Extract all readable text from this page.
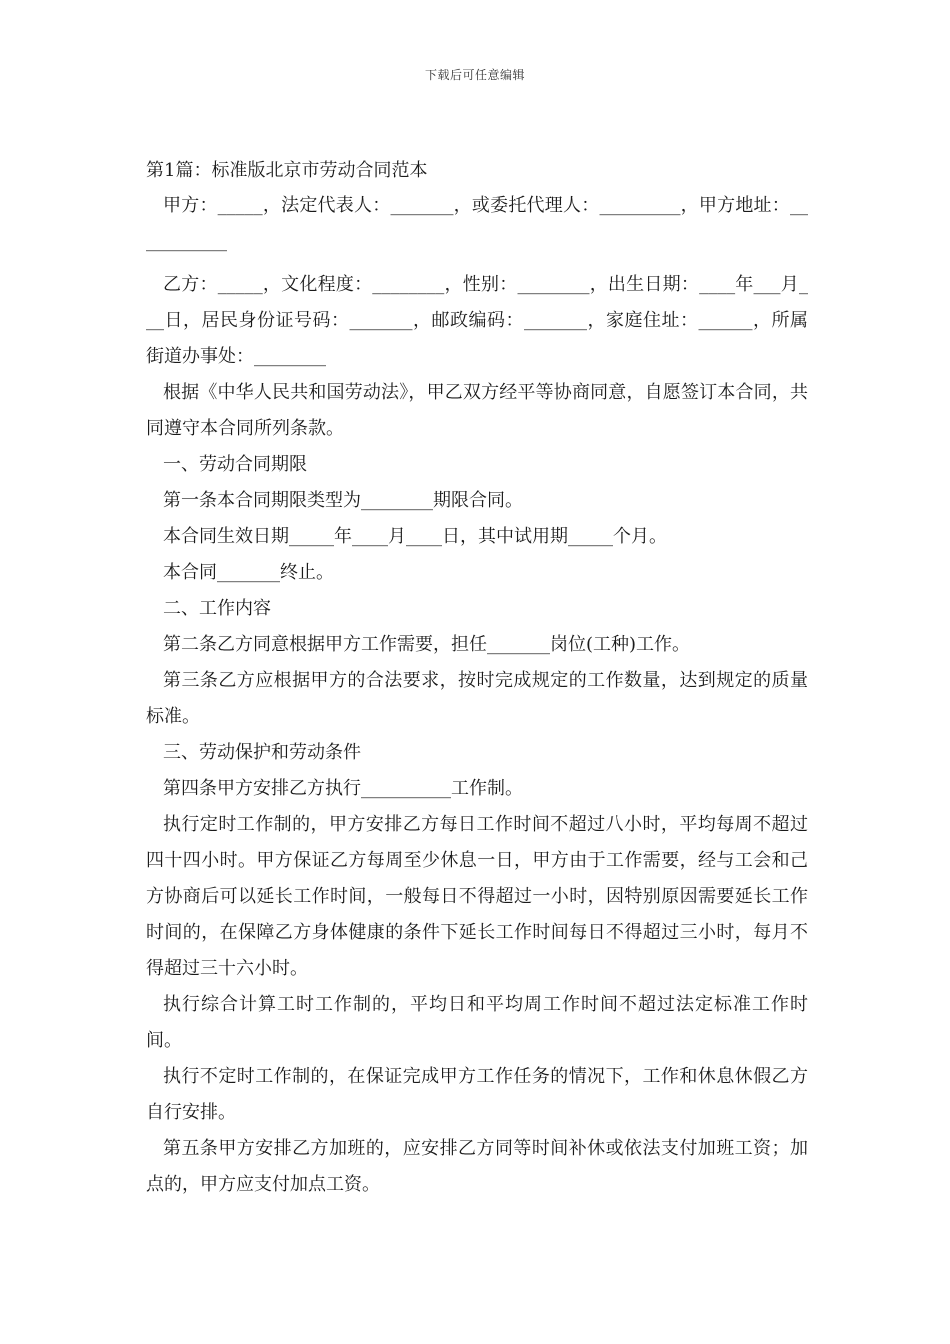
下载后可任意编辑

第1篇：标准版北京市劳动合同范本

甲方：_____，法定代表人：_______，或委托代理人：_________，甲方地址：___________

乙方：_____，文化程度：________，性别：________，出生日期：____年___月___日，居民身份证号码：_______，邮政编码：_______，家庭住址：______，所属街道办事处：________

根据《中华人民共和国劳动法》，甲乙双方经平等协商同意，自愿签订本合同，共同遵守本合同所列条款。

一、劳动合同期限

第一条本合同期限类型为________期限合同。

本合同生效日期_____年____月____日，其中试用期_____个月。

本合同_______终止。

二、工作内容

第二条乙方同意根据甲方工作需要，担任_______岗位(工种)工作。

第三条乙方应根据甲方的合法要求，按时完成规定的工作数量，达到规定的质量标准。

三、劳动保护和劳动条件

第四条甲方安排乙方执行__________工作制。

执行定时工作制的，甲方安排乙方每日工作时间不超过八小时，平均每周不超过四十四小时。甲方保证乙方每周至少休息一日，甲方由于工作需要，经与工会和己方协商后可以延长工作时间，一般每日不得超过一小时，因特别原因需要延长工作时间的，在保障乙方身体健康的条件下延长工作时间每日不得超过三小时，每月不得超过三十六小时。

执行综合计算工时工作制的，平均日和平均周工作时间不超过法定标准工作时间。

执行不定时工作制的，在保证完成甲方工作任务的情况下，工作和休息休假乙方自行安排。

第五条甲方安排乙方加班的，应安排乙方同等时间补休或依法支付加班工资；加点的，甲方应支付加点工资。
